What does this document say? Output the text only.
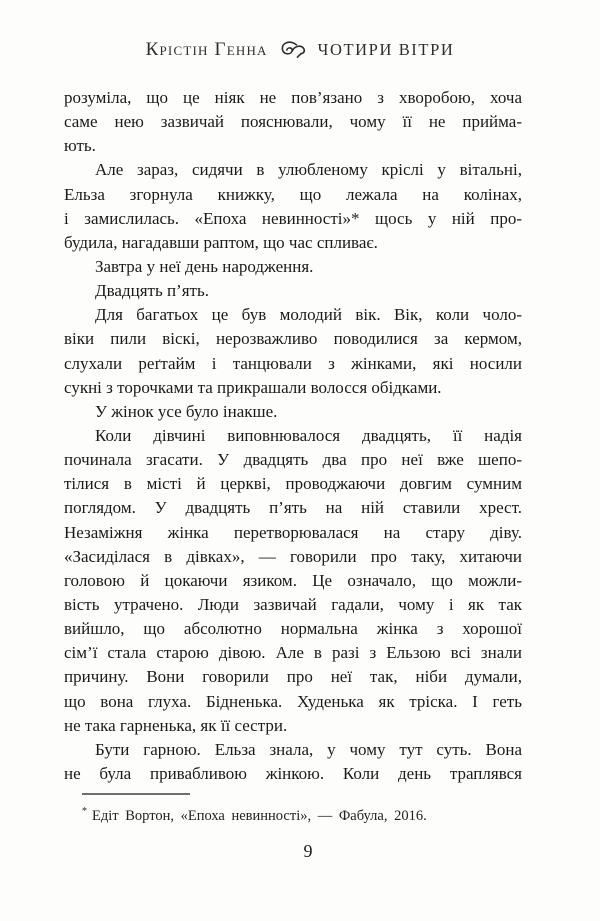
Крістін Генна	ЧОТИРИ ВІТРИ
розуміла, що це ніяк не пов’язано з хворобою, хоча
саме нею зазвичай пояснювали, чому її не прийма-
ють.
Але зараз, сидячи в улюбленому кріслі у вітальні,
Ельза згорнула книжку, що лежала на колінах,
і замислилась. «Епоха невинності»* щось у ній про-
будила, нагадавши раптом, що час спливає.
Завтра у неї день народження.
Двадцять п’ять.
Для багатьох це був молодий вік. Вік, коли чоло-
віки пили віскі, нерозважливо поводилися за кермом,
слухали реґтайм і танцювали з жінками, які носили
сукні з торочками та прикрашали волосся обідками.
У жінок усе було інакше.
Коли дівчині виповнювалося двадцять, її надія
починала згасати. У двадцять два про неї вже шепо-
тілися в місті й церкві, проводжаючи довгим сумним
поглядом. У двадцять п’ять на ній ставили хрест.
Незаміжня жінка перетворювалася на стару діву.
«Засиділася в дівках», — говорили про таку, хитаючи
головою й цокаючи язиком. Це означало, що можли-
вість утрачено. Люди зазвичай гадали, чому і як так
вийшло, що абсолютно нормальна жінка з хорошої
сім’ї стала старою дівою. Але в разі з Ельзою всі знали
причину. Вони говорили про неї так, ніби думали,
що вона глуха. Бідненька. Худенька як тріска. І геть
не така гарненька, як її сестри.
Бути гарною. Ельза знала, у чому тут суть. Вона
не була привабливою жінкою. Коли день траплявся
* Едіт Вортон, «Епоха невинності», — Фабула, 2016.
9
